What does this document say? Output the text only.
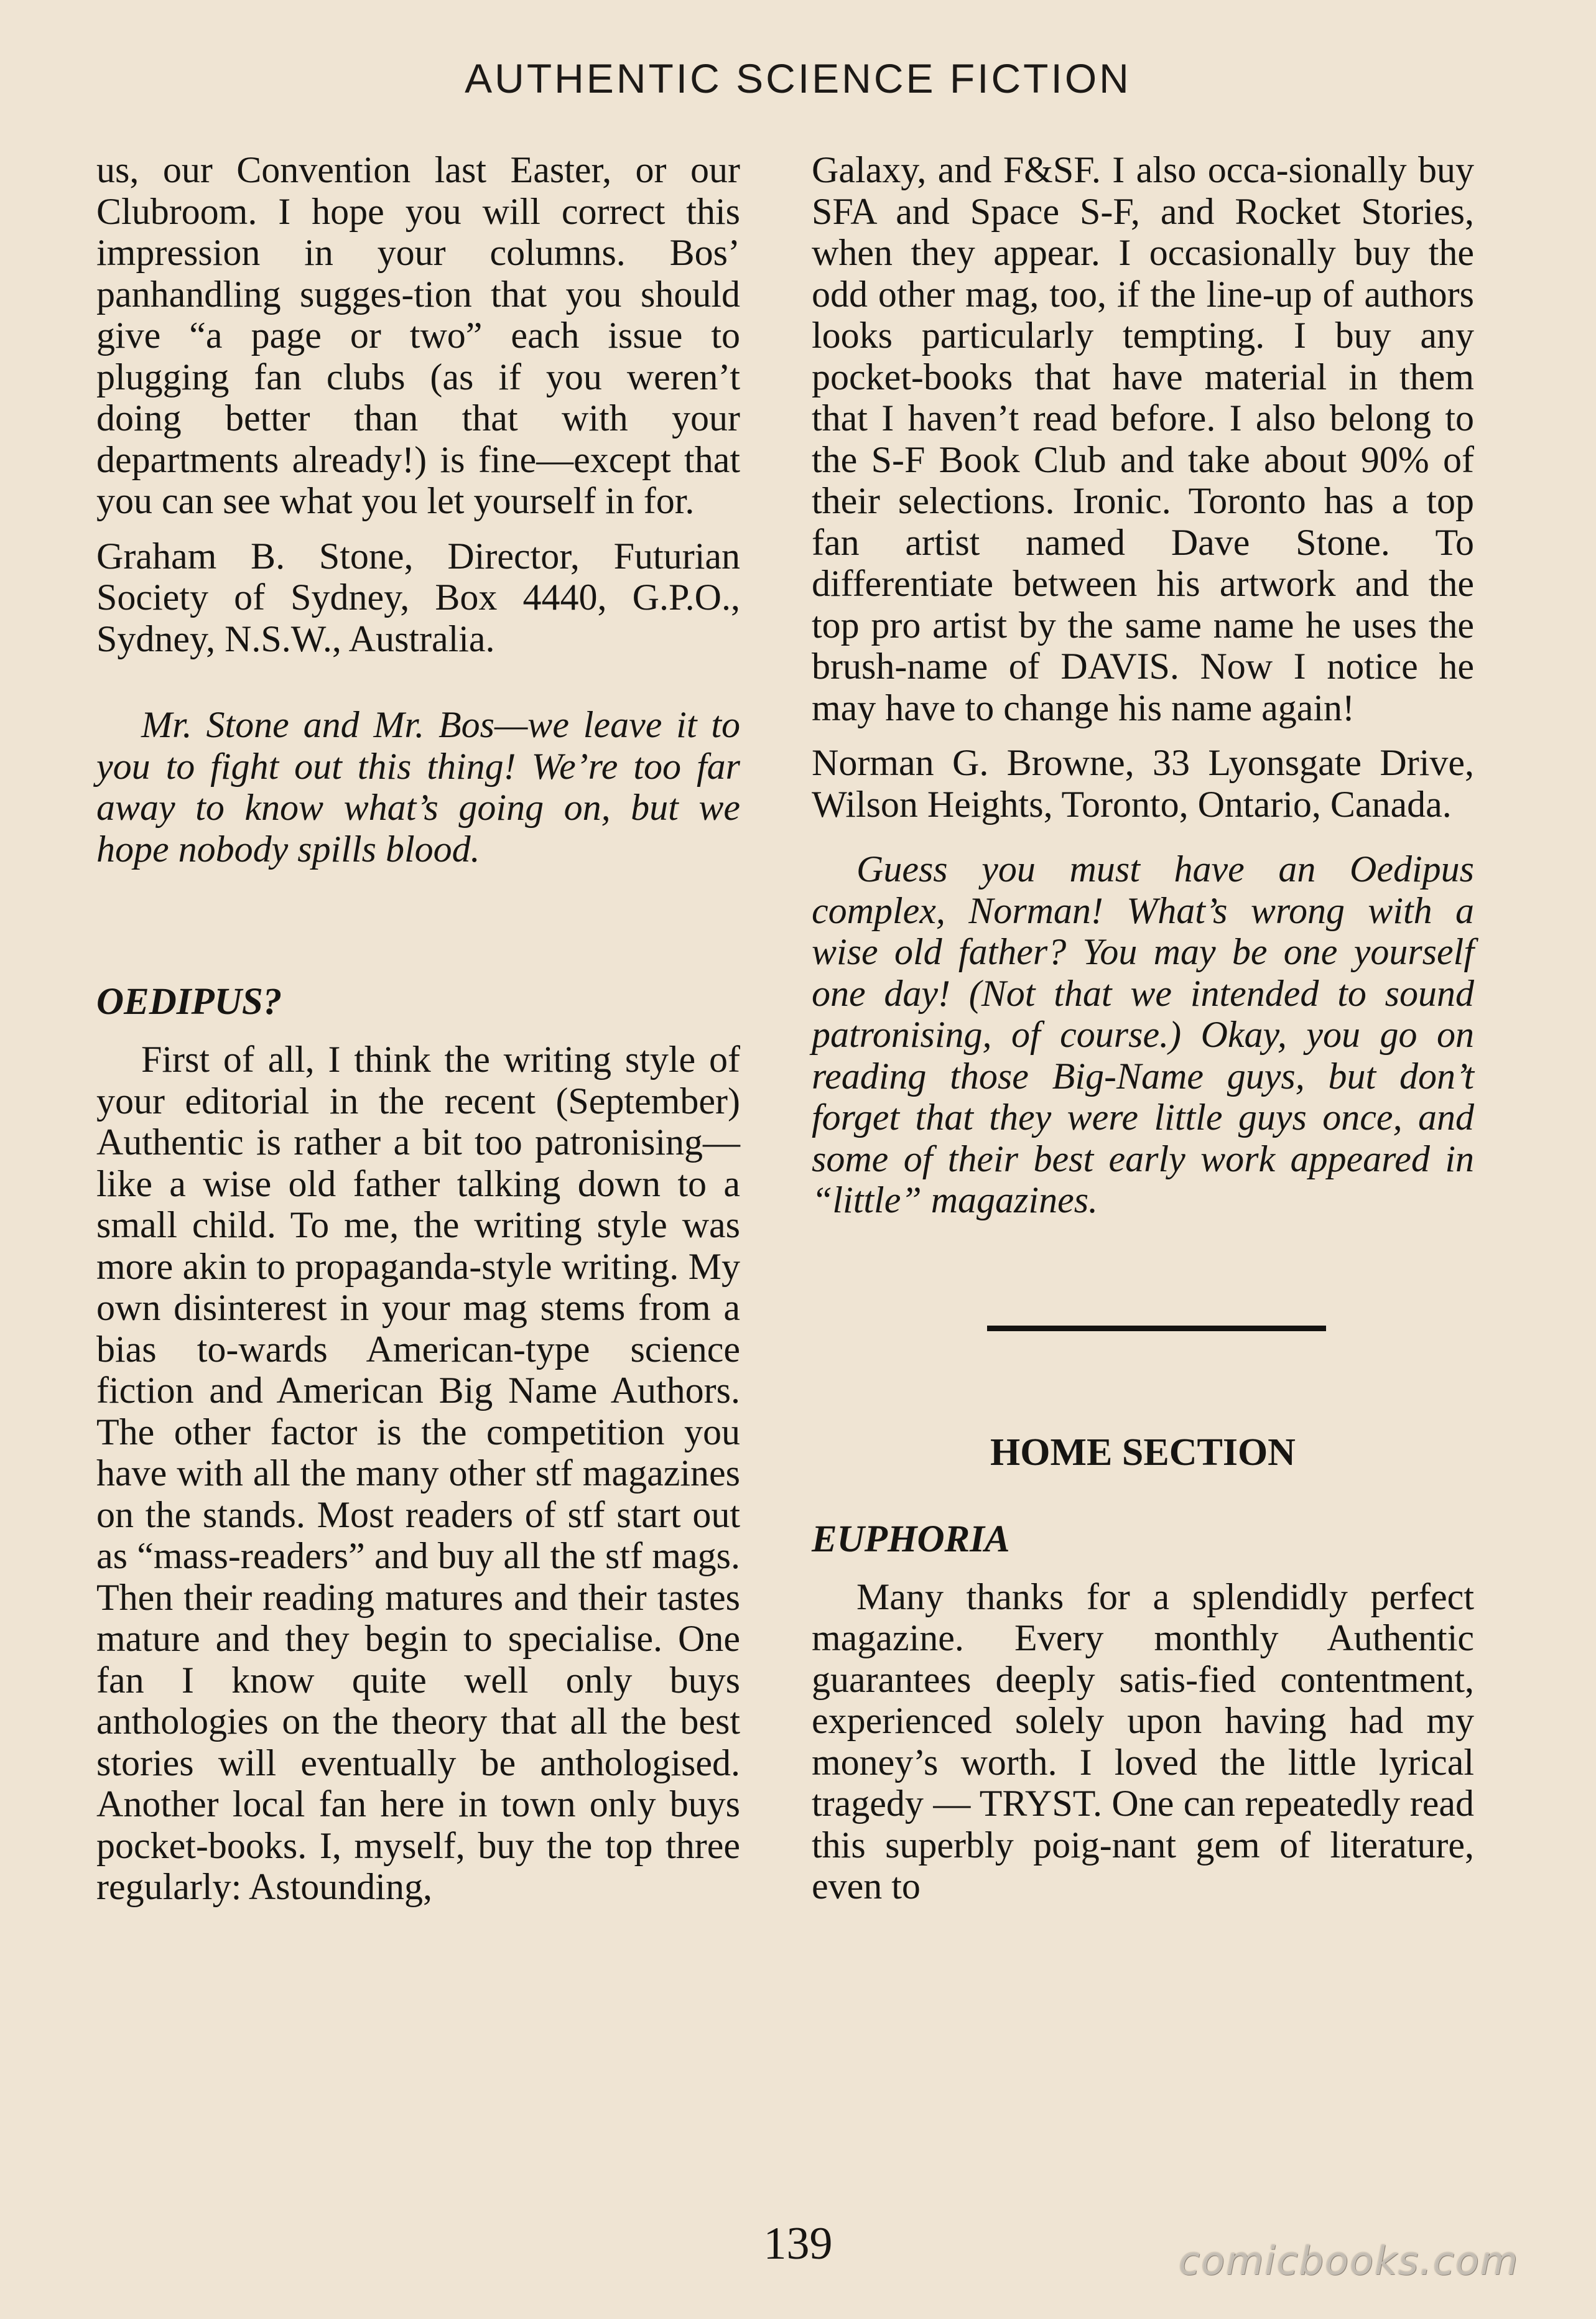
AUTHENTIC SCIENCE FICTION

us, our Convention last Easter, or our Clubroom. I hope you will correct this impression in your columns. Bos’ panhandling sugges-tion that you should give “a page or two” each issue to plugging fan clubs (as if you weren’t doing better than that with your departments already!) is fine—except that you can see what you let yourself in for.

Graham B. Stone, Director, Futurian Society of Sydney, Box 4440, G.P.O., Sydney, N.S.W., Australia.

Mr. Stone and Mr. Bos—we leave it to you to fight out this thing! We’re too far away to know what’s going on, but we hope nobody spills blood.

OEDIPUS?

First of all, I think the writing style of your editorial in the recent (September) Authentic is rather a bit too patronising—like a wise old father talking down to a small child. To me, the writing style was more akin to propaganda-style writing. My own disinterest in your mag stems from a bias to-wards American-type science fiction and American Big Name Authors. The other factor is the competition you have with all the many other stf magazines on the stands. Most readers of stf start out as “mass-readers” and buy all the stf mags. Then their reading matures and their tastes mature and they begin to specialise. One fan I know quite well only buys anthologies on the theory that all the best stories will eventually be anthologised. Another local fan here in town only buys pocket-books. I, myself, buy the top three regularly: Astounding,

Galaxy, and F&SF. I also occa-sionally buy SFA and Space S-F, and Rocket Stories, when they appear. I occasionally buy the odd other mag, too, if the line-up of authors looks particularly tempting. I buy any pocket-books that have material in them that I haven’t read before. I also belong to the S-F Book Club and take about 90% of their selections. Ironic. Toronto has a top fan artist named Dave Stone. To differentiate between his artwork and the top pro artist by the same name he uses the brush-name of DAVIS. Now I notice he may have to change his name again!

Norman G. Browne, 33 Lyonsgate Drive, Wilson Heights, Toronto, Ontario, Canada.

Guess you must have an Oedipus complex, Norman! What’s wrong with a wise old father? You may be one yourself one day! (Not that we intended to sound patronising, of course.) Okay, you go on reading those Big-Name guys, but don’t forget that they were little guys once, and some of their best early work appeared in “little” magazines.

HOME SECTION
EUPHORIA

Many thanks for a splendidly perfect magazine. Every monthly Authentic guarantees deeply satis-fied contentment, experienced solely upon having had my money’s worth. I loved the little lyrical tragedy — TRYST. One can repeatedly read this superbly poig-nant gem of literature, even to

139	comicbooks.com
